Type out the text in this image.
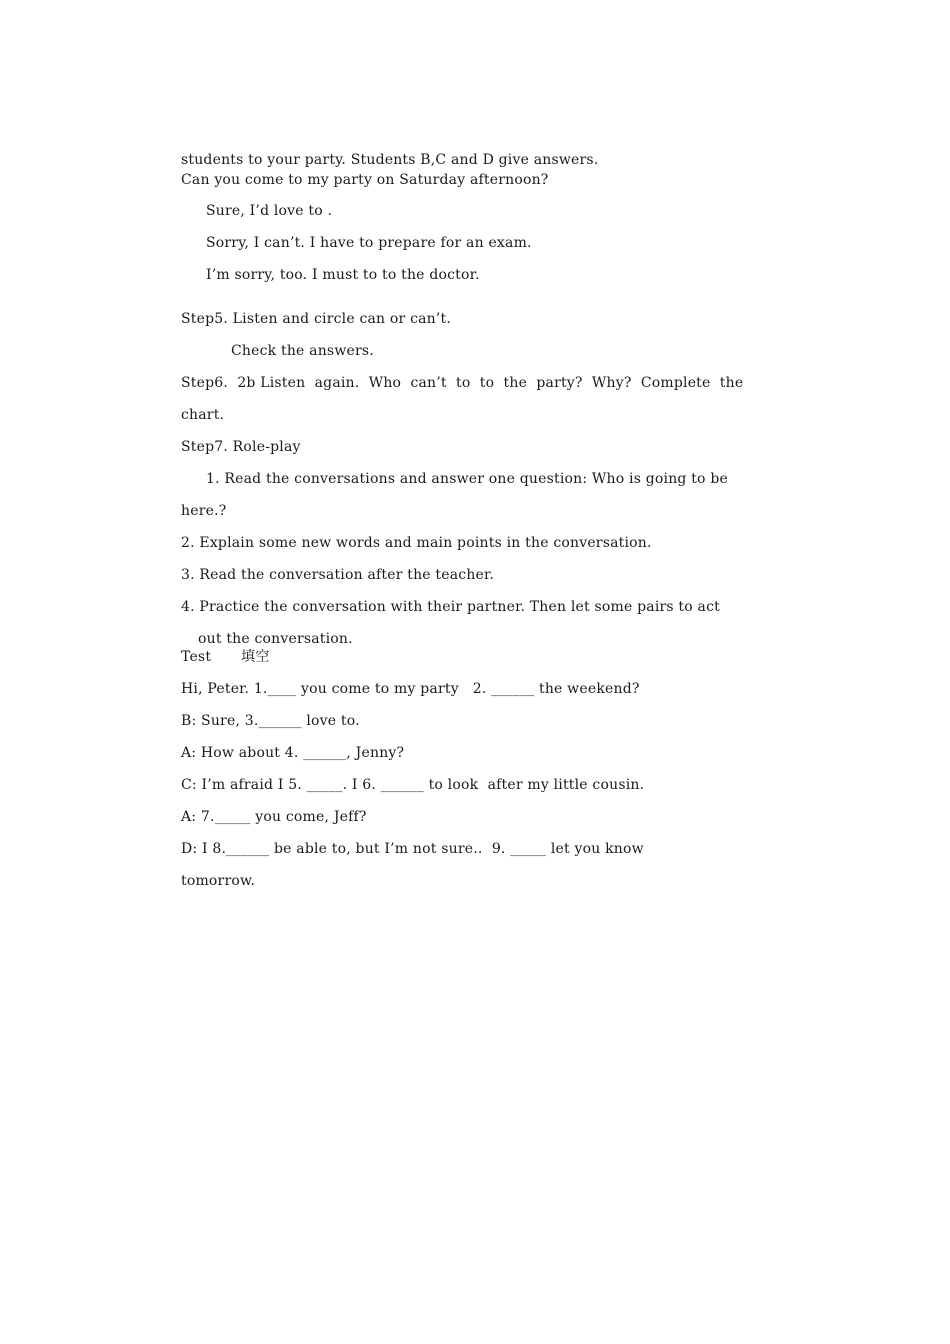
students to your party. Students B,C and D give answers.
Can you come to my party on Saturday afternoon?
Sure, I’d love to .
Sorry, I can’t. I have to prepare for an exam.
I’m sorry, too. I must to to the doctor.
Step5. Listen and circle can or can’t.
Check the answers.
Step6.  2b Listen  again.  Who  can’t  to  to  the  party?  Why?  Complete  the
chart.
Step7. Role-play
1. Read the conversations and answer one question: Who is going to be
here.?
2. Explain some new words and main points in the conversation.
3. Read the conversation after the teacher.
4. Practice the conversation with their partner. Then let some pairs to act
out the conversation.
Test 填空
Hi, Peter. 1.____ you come to my party   2. ______ the weekend?
B: Sure, 3.______ love to.
A: How about 4. ______, Jenny?
C: I’m afraid I 5. _____. I 6. ______ to look  after my little cousin.
A: 7._____ you come, Jeff?
D: I 8.______ be able to, but I’m not sure..  9. _____ let you know
tomorrow.
